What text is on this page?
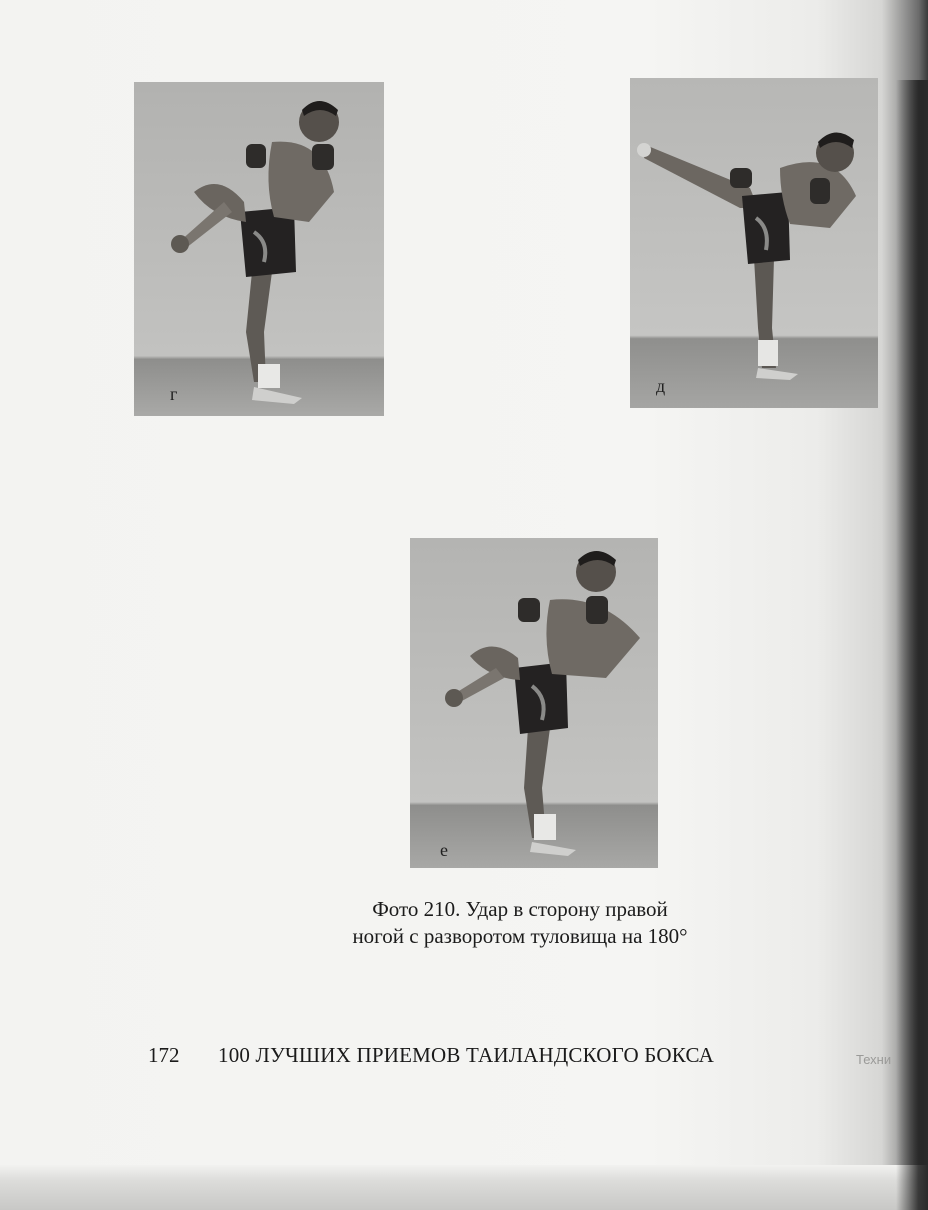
г	д
е
Фото 210. Удар в сторону правой
ногой с разворотом туловища на 180°
172 100 ЛУЧШИХ ПРИЕМОВ ТАИЛАНДСКОГО БОКСА	Техни
